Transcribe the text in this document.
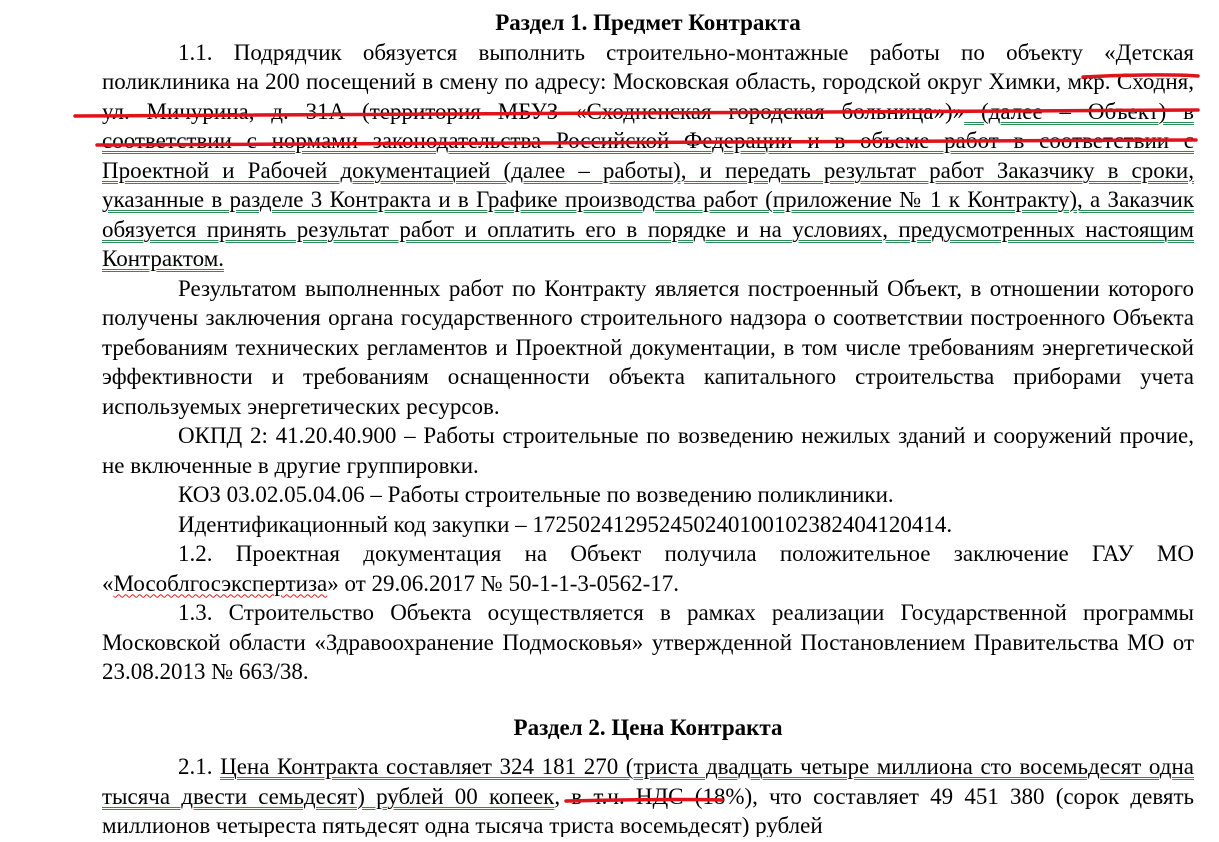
Раздел 1. Предмет Контракта

1.1. Подрядчик обязуется выполнить строительно-монтажные работы по объекту «Детская поликлиника на 200 посещений в смену по адресу: Московская область, городской округ Химки, мкр. Сходня, ул. Мичурина, д. 31А (территория МБУЗ «Сходненская городская больница»)» (далее – Объект) в соответствии с нормами законодательства Российской Федерации и в объеме работ в соответствии с Проектной и Рабочей документацией (далее – работы), и передать результат работ Заказчику в сроки, указанные в разделе 3 Контракта и в Графике производства работ (приложение № 1 к Контракту), а Заказчик обязуется принять результат работ и оплатить его в порядке и на условиях, предусмотренных настоящим Контрактом.

Результатом выполненных работ по Контракту является построенный Объект, в отношении которого получены заключения органа государственного строительного надзора о соответствии построенного Объекта требованиям технических регламентов и Проектной документации, в том числе требованиям энергетической эффективности и требованиям оснащенности объекта капитального строительства приборами учета используемых энергетических ресурсов.

ОКПД 2: 41.20.40.900 – Работы строительные по возведению нежилых зданий и сооружений прочие, не включенные в другие группировки.

КОЗ 03.02.05.04.06 – Работы строительные по возведению поликлиники.

Идентификационный код закупки – 172502412952450240100102382404120414.

1.2. Проектная документация на Объект получила положительное заключение ГАУ МО «Мособлгосэкспертиза» от 29.06.2017 № 50-1-1-3-0562-17.

1.3. Строительство Объекта осуществляется в рамках реализации Государственной программы Московской области «Здравоохранение Подмосковья» утвержденной Постановлением Правительства МО от 23.08.2013 № 663/38.

Раздел 2. Цена Контракта

2.1. Цена Контракта составляет 324 181 270 (триста двадцать четыре миллиона сто восемьдесят одна тысяча двести семьдесят) рублей 00 копеек, в т.ч. НДС (18%), что составляет 49 451 380 (сорок девять миллионов четыреста пятьдесят одна тысяча триста восемьдесят) рублей
